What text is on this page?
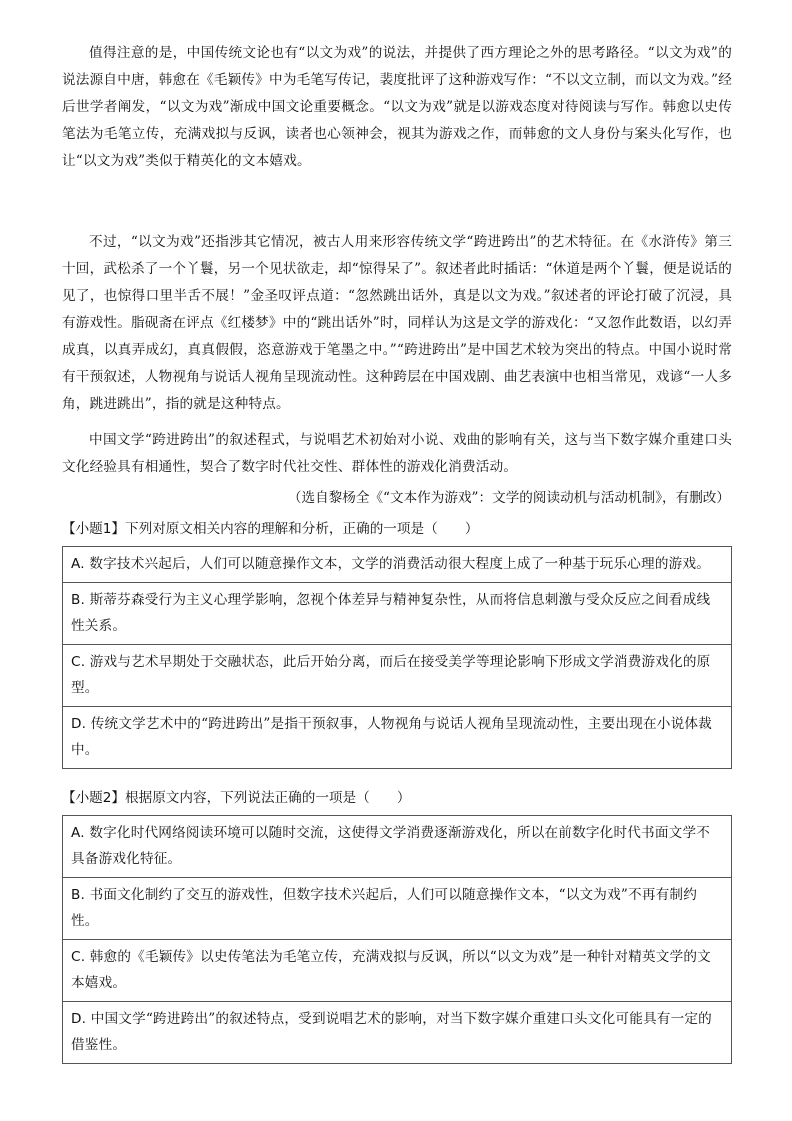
值得注意的是，中国传统文论也有“以文为戏”的说法，并提供了西方理论之外的思考路径。“以文为戏”的说法源自中唐，韩愈在《毛颖传》中为毛笔写传记，裴度批评了这种游戏写作：“不以文立制，而以文为戏。”经后世学者阐发，“以文为戏”渐成中国文论重要概念。“以文为戏”就是以游戏态度对待阅读与写作。韩愈以史传笔法为毛笔立传，充满戏拟与反讽，读者也心领神会，视其为游戏之作，而韩愈的文人身份与案头化写作，也让“以文为戏”类似于精英化的文本嬉戏。

不过，“以文为戏”还指涉其它情况，被古人用来形容传统文学“跨进跨出”的艺术特征。在《水浒传》第三十回，武松杀了一个丫鬟，另一个见状欲走，却“惊得呆了”。叙述者此时插话：“休道是两个丫鬟，便是说话的见了，也惊得口里半舌不展！”金圣叹评点道：“忽然跳出话外，真是以文为戏。”叙述者的评论打破了沉浸，具有游戏性。脂砚斋在评点《红楼梦》中的“跳出话外”时，同样认为这是文学的游戏化：“又忽作此数语，以幻弄成真，以真弄成幻，真真假假，恣意游戏于笔墨之中。”“跨进跨出”是中国艺术较为突出的特点。中国小说时常有干预叙述，人物视角与说话人视角呈现流动性。这种跨层在中国戏剧、曲艺表演中也相当常见，戏谚“一人多角，跳进跳出”，指的就是这种特点。

中国文学“跨进跨出”的叙述程式，与说唱艺术初始对小说、戏曲的影响有关，这与当下数字媒介重建口头文化经验具有相通性，契合了数字时代社交性、群体性的游戏化消费活动。

（选自黎杨全《“文本作为游戏”：文学的阅读动机与活动机制》，有删改）

【小题1】下列对原文相关内容的理解和分析，正确的一项是（　　）

A. 数字技术兴起后，人们可以随意操作文本，文学的消费活动很大程度上成了一种基于玩乐心理的游戏。
B. 斯蒂芬森受行为主义心理学影响，忽视个体差异与精神复杂性，从而将信息刺激与受众反应之间看成线性关系。
C. 游戏与艺术早期处于交融状态，此后开始分离，而后在接受美学等理论影响下形成文学消费游戏化的原型。
D. 传统文学艺术中的“跨进跨出”是指干预叙事，人物视角与说话人视角呈现流动性，主要出现在小说体裁中。

【小题2】根据原文内容，下列说法正确的一项是（　　）

A. 数字化时代网络阅读环境可以随时交流，这使得文学消费逐渐游戏化，所以在前数字化时代书面文学不具备游戏化特征。
B. 书面文化制约了交互的游戏性，但数字技术兴起后，人们可以随意操作文本，“以文为戏”不再有制约性。
C. 韩愈的《毛颖传》以史传笔法为毛笔立传，充满戏拟与反讽，所以“以文为戏”是一种针对精英文学的文本嬉戏。
D. 中国文学“跨进跨出”的叙述特点，受到说唱艺术的影响，对当下数字媒介重建口头文化可能具有一定的借鉴性。
